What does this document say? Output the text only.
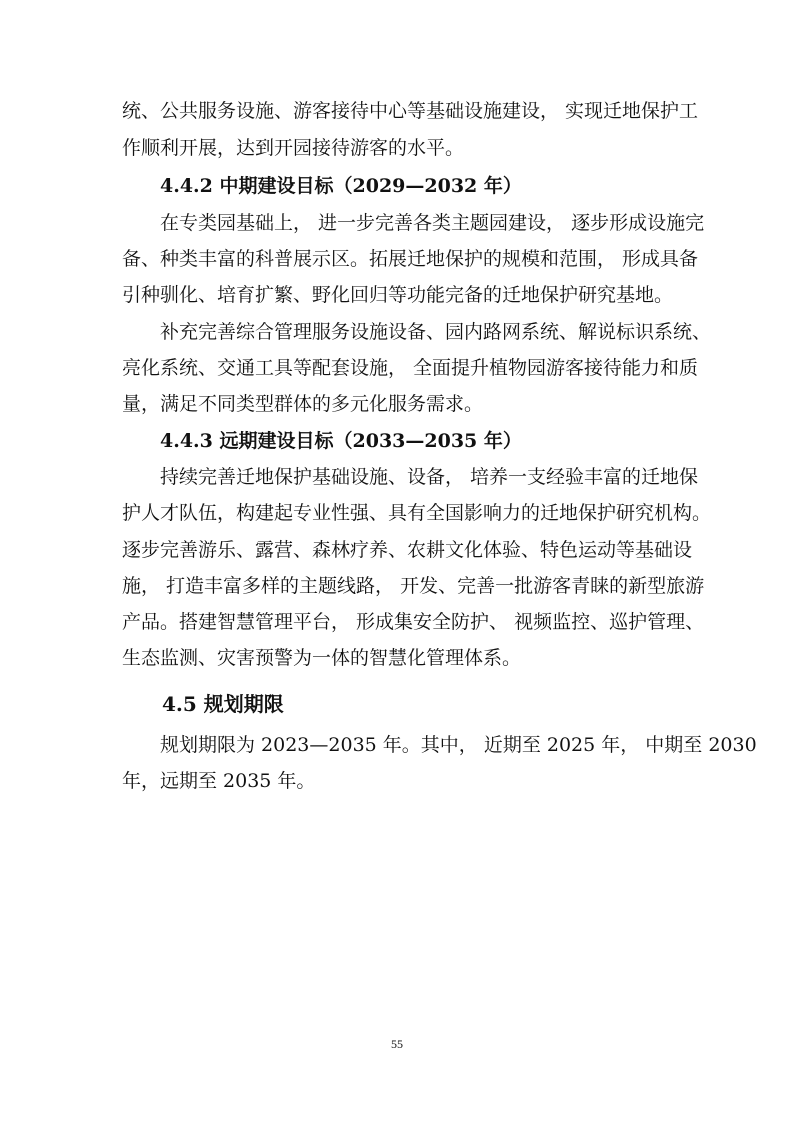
统、公共服务设施、游客接待中心等基础设施建设， 实现迁地保护工
作顺利开展，达到开园接待游客的水平。
4.4.2 中期建设目标（2029—2032 年）
在专类园基础上， 进一步完善各类主题园建设， 逐步形成设施完
备、种类丰富的科普展示区。拓展迁地保护的规模和范围， 形成具备
引种驯化、培育扩繁、野化回归等功能完备的迁地保护研究基地。
补充完善综合管理服务设施设备、园内路网系统、解说标识系统、
亮化系统、交通工具等配套设施， 全面提升植物园游客接待能力和质
量，满足不同类型群体的多元化服务需求。
4.4.3 远期建设目标（2033—2035 年）
持续完善迁地保护基础设施、设备， 培养一支经验丰富的迁地保
护人才队伍，构建起专业性强、具有全国影响力的迁地保护研究机构。
逐步完善游乐、露营、森林疗养、农耕文化体验、特色运动等基础设
施， 打造丰富多样的主题线路， 开发、完善一批游客青睐的新型旅游
产品。搭建智慧管理平台， 形成集安全防护、 视频监控、巡护管理、
生态监测、灾害预警为一体的智慧化管理体系。
4.5 规划期限
规划期限为 2023—2035 年。其中， 近期至 2025 年， 中期至 2030
年，远期至 2035 年。
55
